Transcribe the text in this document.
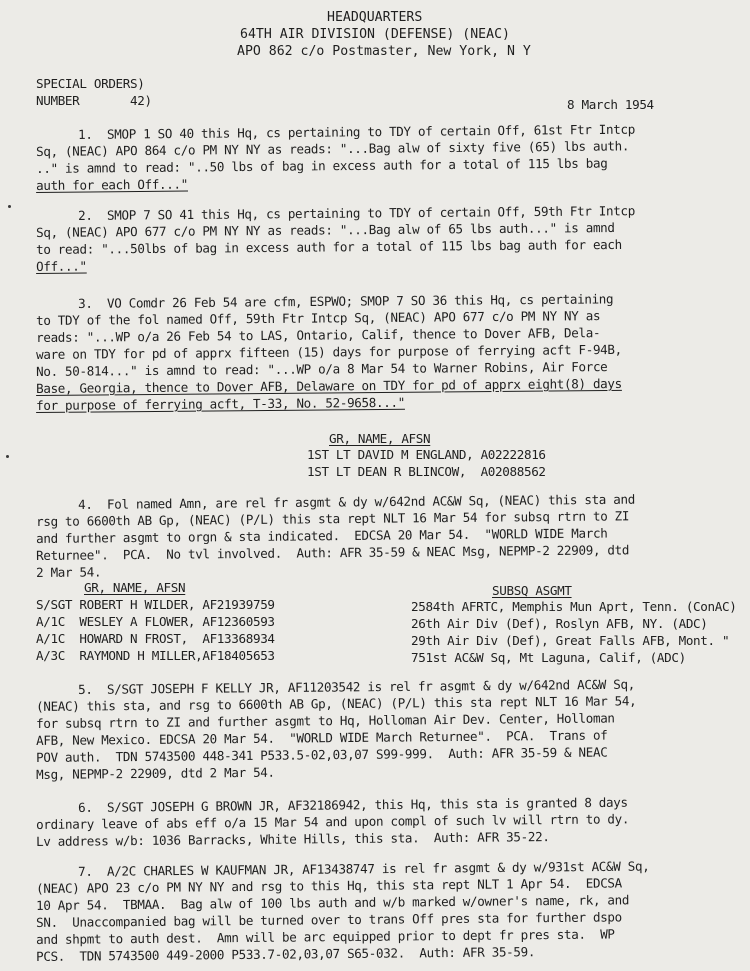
HEADQUARTERS
64TH AIR DIVISION (DEFENSE) (NEAC)
APO 862 c/o Postmaster, New York, N Y
SPECIAL ORDERS)
NUMBER       42)	8 March 1954
1.  SMOP 1 SO 40 this Hq, cs pertaining to TDY of certain Off, 61st Ftr Intcp
Sq, (NEAC) APO 864 c/o PM NY NY as reads: "...Bag alw of sixty five (65) lbs auth.
.." is amnd to read: "..50 lbs of bag in excess auth for a total of 115 lbs bag
auth for each Off..."
2.  SMOP 7 SO 41 this Hq, cs pertaining to TDY of certain Off, 59th Ftr Intcp
Sq, (NEAC) APO 677 c/o PM NY NY as reads: "...Bag alw of 65 lbs auth..." is amnd
to read: "...50lbs of bag in excess auth for a total of 115 lbs bag auth for each
Off..."
3.  VO Comdr 26 Feb 54 are cfm, ESPWO; SMOP 7 SO 36 this Hq, cs pertaining
to TDY of the fol named Off, 59th Ftr Intcp Sq, (NEAC) APO 677 c/o PM NY NY as
reads: "...WP o/a 26 Feb 54 to LAS, Ontario, Calif, thence to Dover AFB, Dela-
ware on TDY for pd of apprx fifteen (15) days for purpose of ferrying acft F-94B,
No. 50-814..." is amnd to read: "...WP o/a 8 Mar 54 to Warner Robins, Air Force
Base, Georgia, thence to Dover AFB, Delaware on TDY for pd of apprx eight(8) days
for purpose of ferrying acft, T-33, No. 52-9658..."
GR, NAME, AFSN
1ST LT DAVID M ENGLAND, A02222816
1ST LT DEAN R BLINCOW,  A02088562
4.  Fol named Amn, are rel fr asgmt & dy w/642nd AC&W Sq, (NEAC) this sta and
rsg to 6600th AB Gp, (NEAC) (P/L) this sta rept NLT 16 Mar 54 for subsq rtrn to ZI
and further asgmt to orgn & sta indicated.  EDCSA 20 Mar 54.  "WORLD WIDE March
Returnee".  PCA.  No tvl involved.  Auth: AFR 35-59 & NEAC Msg, NEPMP-2 22909, dtd
2 Mar 54.
GR, NAME, AFSN	SUBSQ ASGMT
S/SGT ROBERT H WILDER, AF21939759	2584th AFRTC, Memphis Mun Aprt, Tenn. (ConAC)
A/1C  WESLEY A FLOWER, AF12360593	26th Air Div (Def), Roslyn AFB, NY. (ADC)
A/1C  HOWARD N FROST,  AF13368934	29th Air Div (Def), Great Falls AFB, Mont. "
A/3C  RAYMOND H MILLER,AF18405653	751st AC&W Sq, Mt Laguna, Calif, (ADC)
5.  S/SGT JOSEPH F KELLY JR, AF11203542 is rel fr asgmt & dy w/642nd AC&W Sq,
(NEAC) this sta, and rsg to 6600th AB Gp, (NEAC) (P/L) this sta rept NLT 16 Mar 54,
for subsq rtrn to ZI and further asgmt to Hq, Holloman Air Dev. Center, Holloman
AFB, New Mexico. EDCSA 20 Mar 54.  "WORLD WIDE March Returnee".  PCA.  Trans of
POV auth.  TDN 5743500 448-341 P533.5-02,03,07 S99-999.  Auth: AFR 35-59 & NEAC
Msg, NEPMP-2 22909, dtd 2 Mar 54.
6.  S/SGT JOSEPH G BROWN JR, AF32186942, this Hq, this sta is granted 8 days
ordinary leave of abs eff o/a 15 Mar 54 and upon compl of such lv will rtrn to dy.
Lv address w/b: 1036 Barracks, White Hills, this sta.  Auth: AFR 35-22.
7.  A/2C CHARLES W KAUFMAN JR, AF13438747 is rel fr asgmt & dy w/931st AC&W Sq,
(NEAC) APO 23 c/o PM NY NY and rsg to this Hq, this sta rept NLT 1 Apr 54.  EDCSA
10 Apr 54.  TBMAA.  Bag alw of 100 lbs auth and w/b marked w/owner's name, rk, and
SN.  Unaccompanied bag will be turned over to trans Off pres sta for further dspo
and shpmt to auth dest.  Amn will be arc equipped prior to dept fr pres sta.  WP
PCS.  TDN 5743500 449-2000 P533.7-02,03,07 S65-032.  Auth: AFR 35-59.
